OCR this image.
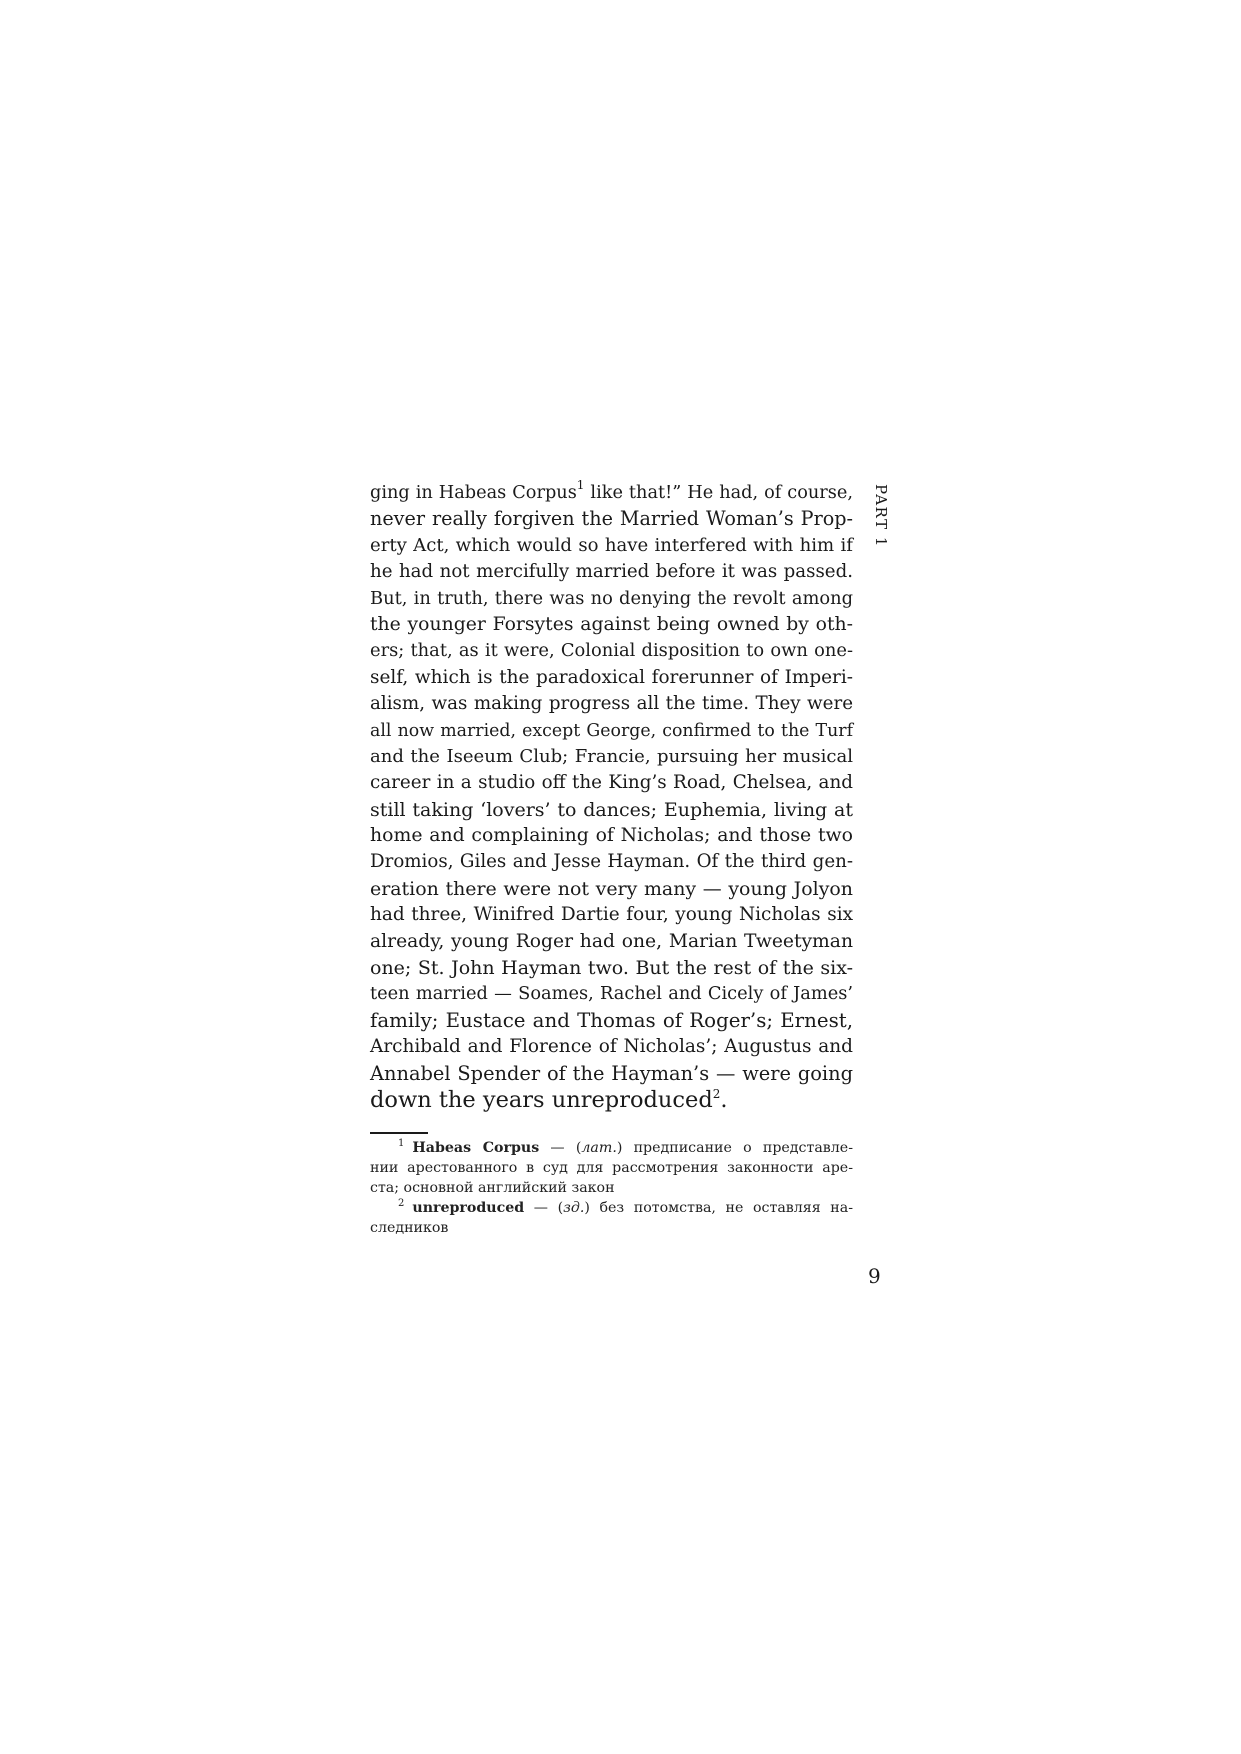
ging in Habeas Corpus$^1$ like that!” He had, of course,
never really forgiven the Married Woman’s Prop-
erty Act, which would so have interfered with him if
he had not mercifully married before it was passed.
But, in truth, there was no denying the revolt among
the younger Forsytes against being owned by oth-
ers; that, as it were, Colonial disposition to own one-
self, which is the paradoxical forerunner of Imperi-
alism, was making progress all the time. They were
all now married, except George, confirmed to the Turf
and the Iseeum Club; Francie, pursuing her musical
career in a studio off the King’s Road, Chelsea, and
still taking ‘lovers’ to dances; Euphemia, living at
home and complaining of Nicholas; and those two
Dromios, Giles and Jesse Hayman. Of the third gen-
eration there were not very many — young Jolyon
had three, Winifred Dartie four, young Nicholas six
already, young Roger had one, Marian Tweetyman
one; St. John Hayman two. But the rest of the six-
teen married — Soames, Rachel and Cicely of James’
family; Eustace and Thomas of Roger’s; Ernest,
Archibald and Florence of Nicholas’; Augustus and
Annabel Spender of the Hayman’s — were going
down the years unreproduced$^2$.
PART 1
$^1$ Habeas Corpus — (лат.) предписание о представле-
нии арестованного в суд для рассмотрения законности аре-
ста; основной английский закон
$^2$ unreproduced — (зд.) без потомства, не оставляя на-
следников
9
